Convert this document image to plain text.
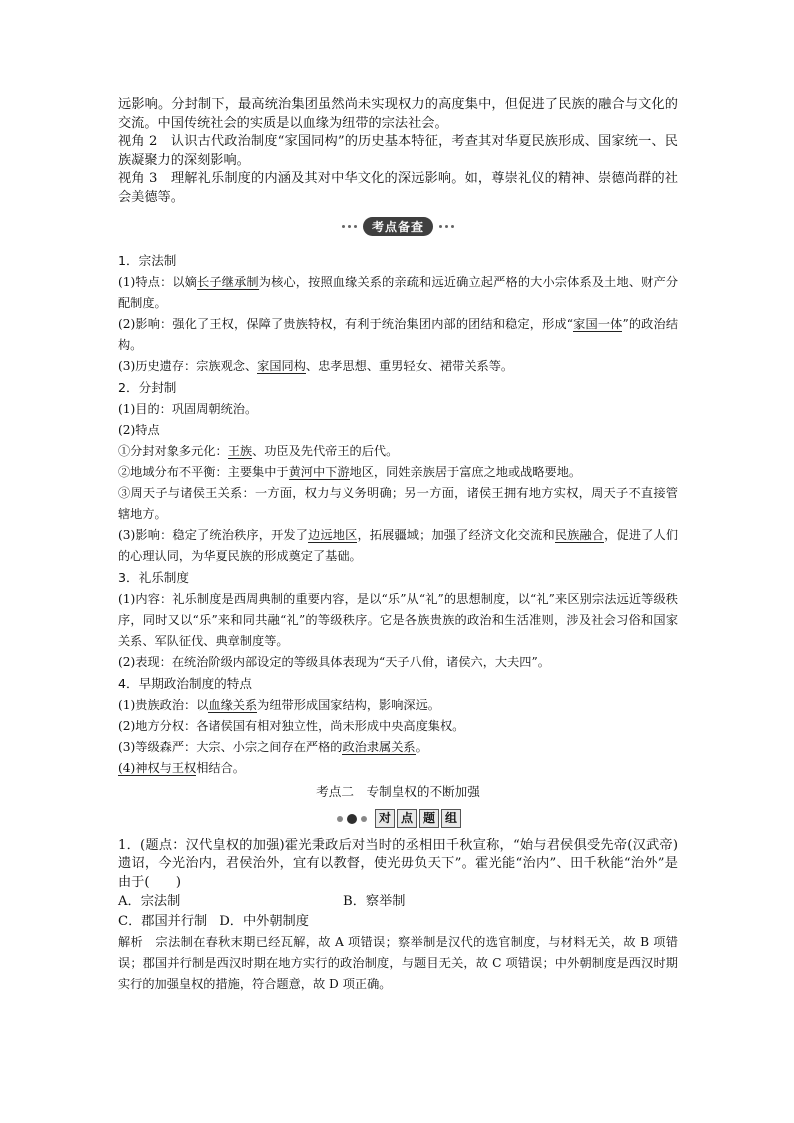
远影响。分封制下，最高统治集团虽然尚未实现权力的高度集中，但促进了民族的融合与文化的交流。中国传统社会的实质是以血缘为纽带的宗法社会。

视角 2　认识古代政治制度“家国同构”的历史基本特征，考查其对华夏民族形成、国家统一、民族凝聚力的深刻影响。

视角 3　理解礼乐制度的内涵及其对中华文化的深远影响。如，尊崇礼仪的精神、崇德尚群的社会美德等。

考点备查

1．宗法制

(1)特点：以嫡长子继承制为核心，按照血缘关系的亲疏和远近确立起严格的大小宗体系及土地、财产分配制度。

(2)影响：强化了王权，保障了贵族特权，有利于统治集团内部的团结和稳定，形成“家国一体”的政治结构。

(3)历史遗存：宗族观念、家国同构、忠孝思想、重男轻女、裙带关系等。

2．分封制

(1)目的：巩固周朝统治。

(2)特点

①分封对象多元化：王族、功臣及先代帝王的后代。

②地域分布不平衡：主要集中于黄河中下游地区，同姓亲族居于富庶之地或战略要地。

③周天子与诸侯王关系：一方面，权力与义务明确；另一方面，诸侯王拥有地方实权，周天子不直接管辖地方。

(3)影响：稳定了统治秩序，开发了边远地区，拓展疆域；加强了经济文化交流和民族融合，促进了人们的心理认同，为华夏民族的形成奠定了基础。

3．礼乐制度

(1)内容：礼乐制度是西周典制的重要内容，是以“乐”从“礼”的思想制度，以“礼”来区别宗法远近等级秩序，同时又以“乐”来和同共融“礼”的等级秩序。它是各族贵族的政治和生活准则，涉及社会习俗和国家关系、军队征伐、典章制度等。

(2)表现：在统治阶级内部设定的等级具体表现为“天子八佾，诸侯六，大夫四”。

4．早期政治制度的特点

(1)贵族政治：以血缘关系为纽带形成国家结构，影响深远。

(2)地方分权：各诸侯国有相对独立性，尚未形成中央高度集权。

(3)等级森严：大宗、小宗之间存在严格的政治隶属关系。

(4)神权与王权相结合。

考点二　专制皇权的不断加强

对 点 题 组

1．(题点：汉代皇权的加强)霍光秉政后对当时的丞相田千秋宣称，“始与君侯俱受先帝(汉武帝)遗诏，今光治内，君侯治外，宜有以教督，使光毋负天下”。霍光能“治内”、田千秋能“治外”是由于(　　)

A．宗法制	B．察举制
C．郡国并行制 D．中外朝制度

解析　宗法制在春秋末期已经瓦解，故 A 项错误；察举制是汉代的选官制度，与材料无关，故 B 项错误；郡国并行制是西汉时期在地方实行的政治制度，与题目无关，故 C 项错误；中外朝制度是西汉时期实行的加强皇权的措施，符合题意，故 D 项正确。
